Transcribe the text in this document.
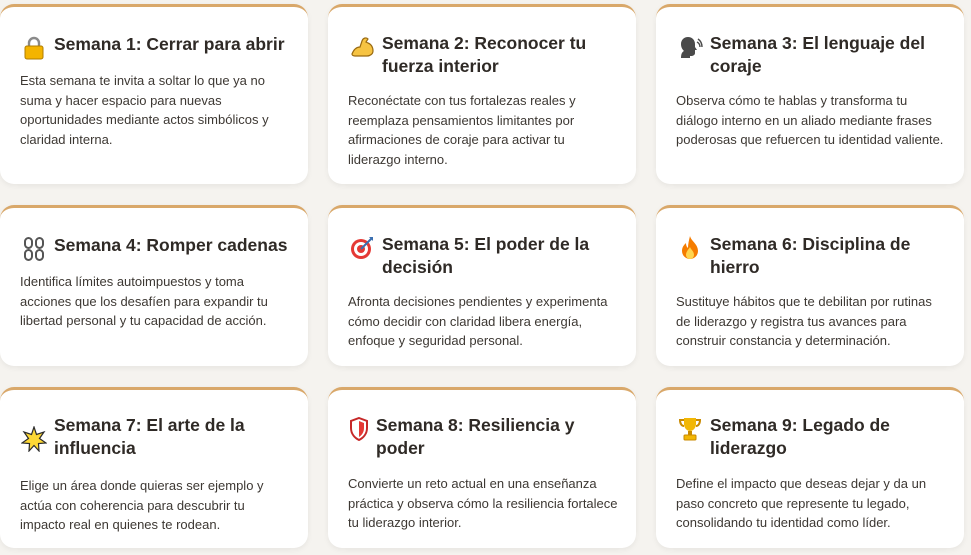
Semana 1: Cerrar para abrir
Esta semana te invita a soltar lo que ya no suma y hacer espacio para nuevas oportunidades mediante actos simbólicos y claridad interna.
Semana 2: Reconocer tu fuerza interior
Reconéctate con tus fortalezas reales y reemplaza pensamientos limitantes por afirmaciones de coraje para activar tu liderazgo interno.
Semana 3: El lenguaje del coraje
Observa cómo te hablas y transforma tu diálogo interno en un aliado mediante frases poderosas que refuercen tu identidad valiente.
Semana 4: Romper cadenas
Identifica límites autoimpuestos y toma acciones que los desafíen para expandir tu libertad personal y tu capacidad de acción.
Semana 5: El poder de la decisión
Afronta decisiones pendientes y experimenta cómo decidir con claridad libera energía, enfoque y seguridad personal.
Semana 6: Disciplina de hierro
Sustituye hábitos que te debilitan por rutinas de liderazgo y registra tus avances para construir constancia y determinación.
Semana 7: El arte de la influencia
Elige un área donde quieras ser ejemplo y actúa con coherencia para descubrir tu impacto real en quienes te rodean.
Semana 8: Resiliencia y poder
Convierte un reto actual en una enseñanza práctica y observa cómo la resiliencia fortalece tu liderazgo interior.
Semana 9: Legado de liderazgo
Define el impacto que deseas dejar y da un paso concreto que represente tu legado, consolidando tu identidad como líder.
